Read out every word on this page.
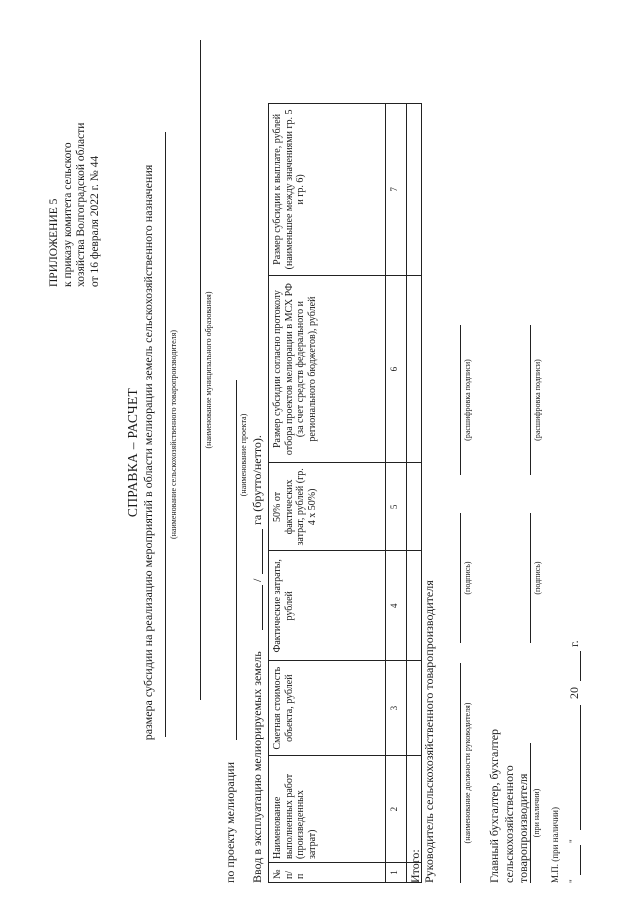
ПРИЛОЖЕНИЕ 5 к приказу комитета сельского хозяйства Волгоградской области от 16 февраля 2022 г. № 44
СПРАВКА – РАСЧЕТ размера субсидии на реализацию мероприятий в области мелиорации земель сельскохозяйственного назначения (наименование сельскохозяйственного товаропроизводителя)	(наименование муниципального образования)
по проекту мелиорации
(наименование проекта)
Ввод в эксплуатацию мелиорируемых земель
/
га (брутто/нетто).
№ п/п	Наименование выполненных работ (произведенных затрат)	Сметная стоимость объекта, рублей	Фактические затраты, рублей	50% от фактических затрат, рублей (гр. 4 х 50%)	Размер субсидии согласно протоколу отбора проектов мелиорации в МСХ РФ (за счет средств федерального и регионального бюджетов), рублей	Размер субсидии к выплате, рублей (наименьшее между значениями гр. 5 и гр. 6)
1	2	3	4	5	6	7

Итого: Руководитель сельскохозяйственного товаропроизводителя	(наименование должности руководителя)
(подпись)
(расшифровка подписи)
Главный бухгалтер, бухгалтер сельскохозяйственного товаропроизводителя (при наличии)
(подпись)
(расшифровка подписи)
М.П. (при наличии) "
"
20
г.
